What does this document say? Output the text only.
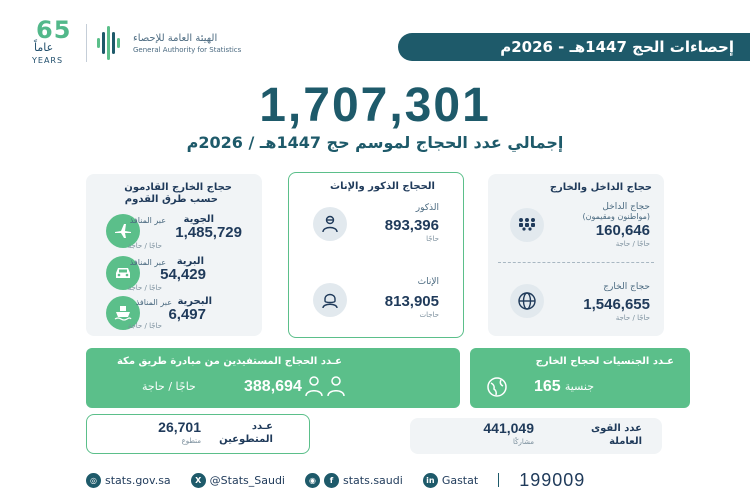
65
عاماً
YEARS
الهيئة العامة للإحصاء
General Authority for Statistics	إحصاءات الحج 1447هـ - 2026م
1,707,301
إجمالي عدد الحجاج لموسم حج 1447هـ / 2026م
حجاج الداخل والخارج
حجاج الداخل
(مواطنون ومقيمون)
160,646
حاجًا / حاجة
حجاج الخارج
1,546,655
حاجًا / حاجة
الحجاج الذكور والإناث
الذكور
893,396
حاجًا
الإناث
813,905
حاجات
حجاج الخارج القادمون
حسب طرق القدوم
عبر المنافذ الجوية
1,485,729
حاجًا / حاجة
عبر المنافذ البرية
54,429
حاجًا / حاجة
عبر المنافذ البحرية
6,497
حاجًا / حاجة
عـدد الجنسيات لحجاج الخارج
جنسية
165
عـدد الحجاج المستفيدين من مبادرة طريق مكة
حاجًا / حاجة	388,694
عدد القوى
العاملة
441,049
مشاركًا
عـدد
المتطوعين
26,701
متطوع
◎ stats.gov.sa	X @Stats_Saudi	◉	f stats.saudi	in Gastat 199009
